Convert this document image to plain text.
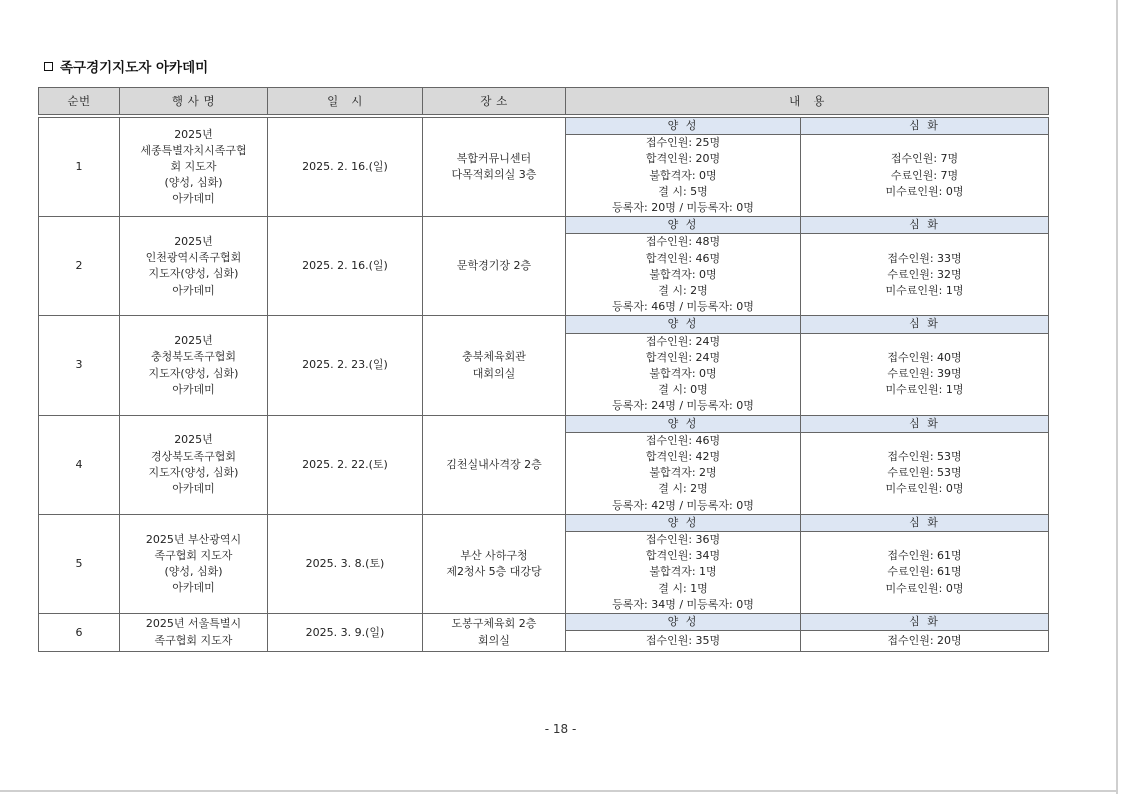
족구경기지도자 아카데미
순번	행 사 명	일   시	장 소	내   용	

1	2025년
세종특별자치시족구협
회 지도자
(양성, 심화)
아카데미	2025. 2. 16.(일)	복합커뮤니센터
다목적회의실 3층	양 성	심 화
				접수인원: 25명
합격인원: 20명
불합격자: 0명
결 시: 5명
등록자: 20명 / 미등록자: 0명	접수인원: 7명
수료인원: 7명
미수료인원: 0명
2	2025년
인천광역시족구협회
지도자(양성, 심화)
아카데미	2025. 2. 16.(일)	문학경기장 2층	양 성	심 화
				접수인원: 48명
합격인원: 46명
불합격자: 0명
결 시: 2명
등록자: 46명 / 미등록자: 0명	접수인원: 33명
수료인원: 32명
미수료인원: 1명
3	2025년
충청북도족구협회
지도자(양성, 심화)
아카데미	2025. 2. 23.(일)	충북체육회관
대회의실	양 성	심 화
				접수인원: 24명
합격인원: 24명
불합격자: 0명
결 시: 0명
등록자: 24명 / 미등록자: 0명	접수인원: 40명
수료인원: 39명
미수료인원: 1명
4	2025년
경상북도족구협회
지도자(양성, 심화)
아카데미	2025. 2. 22.(토)	김천실내사격장 2층	양 성	심 화
				접수인원: 46명
합격인원: 42명
불합격자: 2명
결 시: 2명
등록자: 42명 / 미등록자: 0명	접수인원: 53명
수료인원: 53명
미수료인원: 0명
5	2025년 부산광역시
족구협회 지도자
(양성, 심화)
아카데미	2025. 3. 8.(토)	부산 사하구청
제2청사 5층 대강당	양 성	심 화
				접수인원: 36명
합격인원: 34명
불합격자: 1명
결 시: 1명
등록자: 34명 / 미등록자: 0명	접수인원: 61명
수료인원: 61명
미수료인원: 0명
6	2025년 서울특별시
족구협회 지도자	2025. 3. 9.(일)	도봉구체육회 2층
회의실	양 성	심 화
				접수인원: 35명	접수인원: 20명
- 18 -
